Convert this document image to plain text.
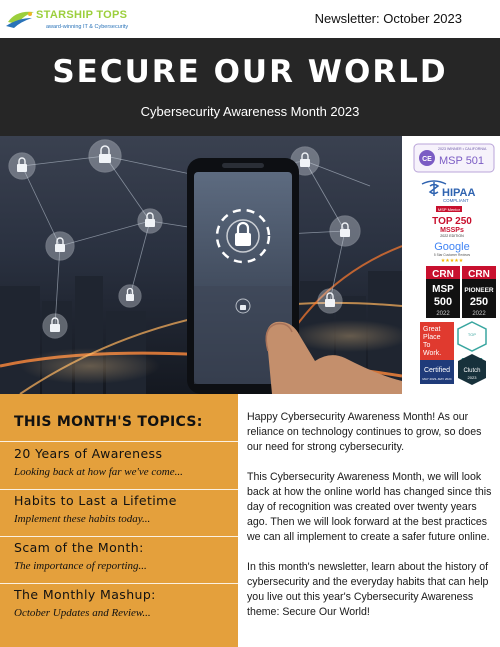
STARSHIP TOPS
award-winning IT & Cybersecurity
Newsletter: October 2023
SECURE OUR WORLD
Cybersecurity Awareness Month 2023
CE
2023 WINNER • CALIFORNIA
MSP 501
HIPAA
COMPLIANT
MSP Mentor
TOP 250
MSSPs
2022 EDITION
Google
5 Star Customer Reviews
★★★★★
CRN
MSP
500
2022
CRN
PIONEER
250
2022
Great
Place
To
Work.
Certified
MAY 2023–MAY 2024
TOP
Clutch
2023
THIS MONTH'S TOPICS:
20 Years of Awareness
Looking back at how far we've come...
Habits to Last a Lifetime
Implement these habits today...
Scam of the Month:
The importance of reporting...
The Monthly Mashup:
October Updates and Review...

Happy Cybersecurity Awareness Month! As our reliance on technology continues to grow, so does our need for strong cybersecurity.

This Cybersecurity Awareness Month, we will look back at how the online world has changed since this day of recognition was created over twenty years ago. Then we will look forward at the best practices we can all implement to create a safer future online.

In this month's newsletter, learn about the history of cybersecurity and the everyday habits that can help you live out this year's Cybersecurity Awareness theme: Secure Our World!
